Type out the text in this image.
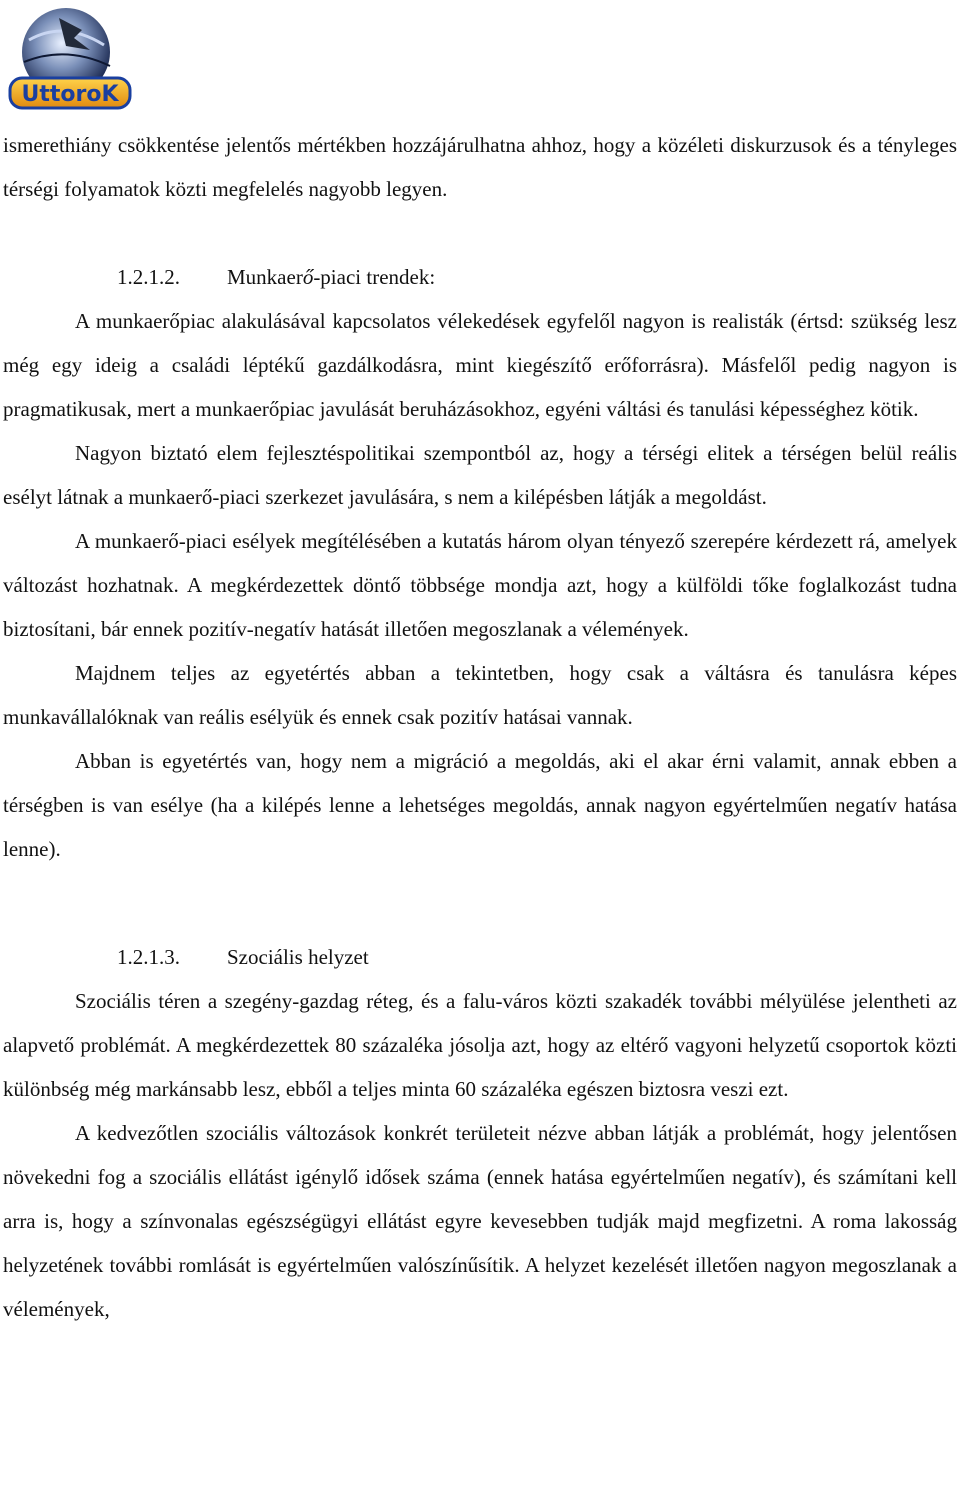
UttoroK

ismerethiány csökkentése jelentős mértékben hozzájárulhatna ahhoz, hogy a közéleti diskurzusok és a tényleges térségi folyamatok közti megfelelés nagyobb legyen.

1.2.1.2. Munkaerő-piaci trendek:

A munkaerőpiac alakulásával kapcsolatos vélekedések egyfelől nagyon is realisták (értsd: szükség lesz még egy ideig a családi léptékű gazdálkodásra, mint kiegészítő erőforrásra). Másfelől pedig nagyon is pragmatikusak, mert a munkaerőpiac javulását beruházásokhoz, egyéni váltási és tanulási képességhez kötik.

Nagyon biztató elem fejlesztéspolitikai szempontból az, hogy a térségi elitek a térségen belül reális esélyt látnak a munkaerő-piaci szerkezet javulására, s nem a kilépésben látják a megoldást.

A munkaerő-piaci esélyek megítélésében a kutatás három olyan tényező szerepére kérdezett rá, amelyek változást hozhatnak. A megkérdezettek döntő többsége mondja azt, hogy a külföldi tőke foglalkozást tudna biztosítani, bár ennek pozitív-negatív hatását illetően megoszlanak a vélemények.

Majdnem teljes az egyetértés abban a tekintetben, hogy csak a váltásra és tanulásra képes munkavállalóknak van reális esélyük és ennek csak pozitív hatásai vannak.

Abban is egyetértés van, hogy nem a migráció a megoldás, aki el akar érni valamit, annak ebben a térségben is van esélye (ha a kilépés lenne a lehetséges megoldás, annak nagyon egyértelműen negatív hatása lenne).

1.2.1.3. Szociális helyzet

Szociális téren a szegény-gazdag réteg, és a falu-város közti szakadék további mélyülése jelentheti az alapvető problémát. A megkérdezettek 80 százaléka jósolja azt, hogy az eltérő vagyoni helyzetű csoportok közti különbség még markánsabb lesz, ebből a teljes minta 60 százaléka egészen biztosra veszi ezt.

A kedvezőtlen szociális változások konkrét területeit nézve abban látják a problémát, hogy jelentősen növekedni fog a szociális ellátást igénylő idősek száma (ennek hatása egyértelműen negatív), és számítani kell arra is, hogy a színvonalas egészségügyi ellátást egyre kevesebben tudják majd megfizetni. A roma lakosság helyzetének további romlását is egyértelműen valószínűsítik. A helyzet kezelését illetően nagyon megoszlanak a vélemények,
